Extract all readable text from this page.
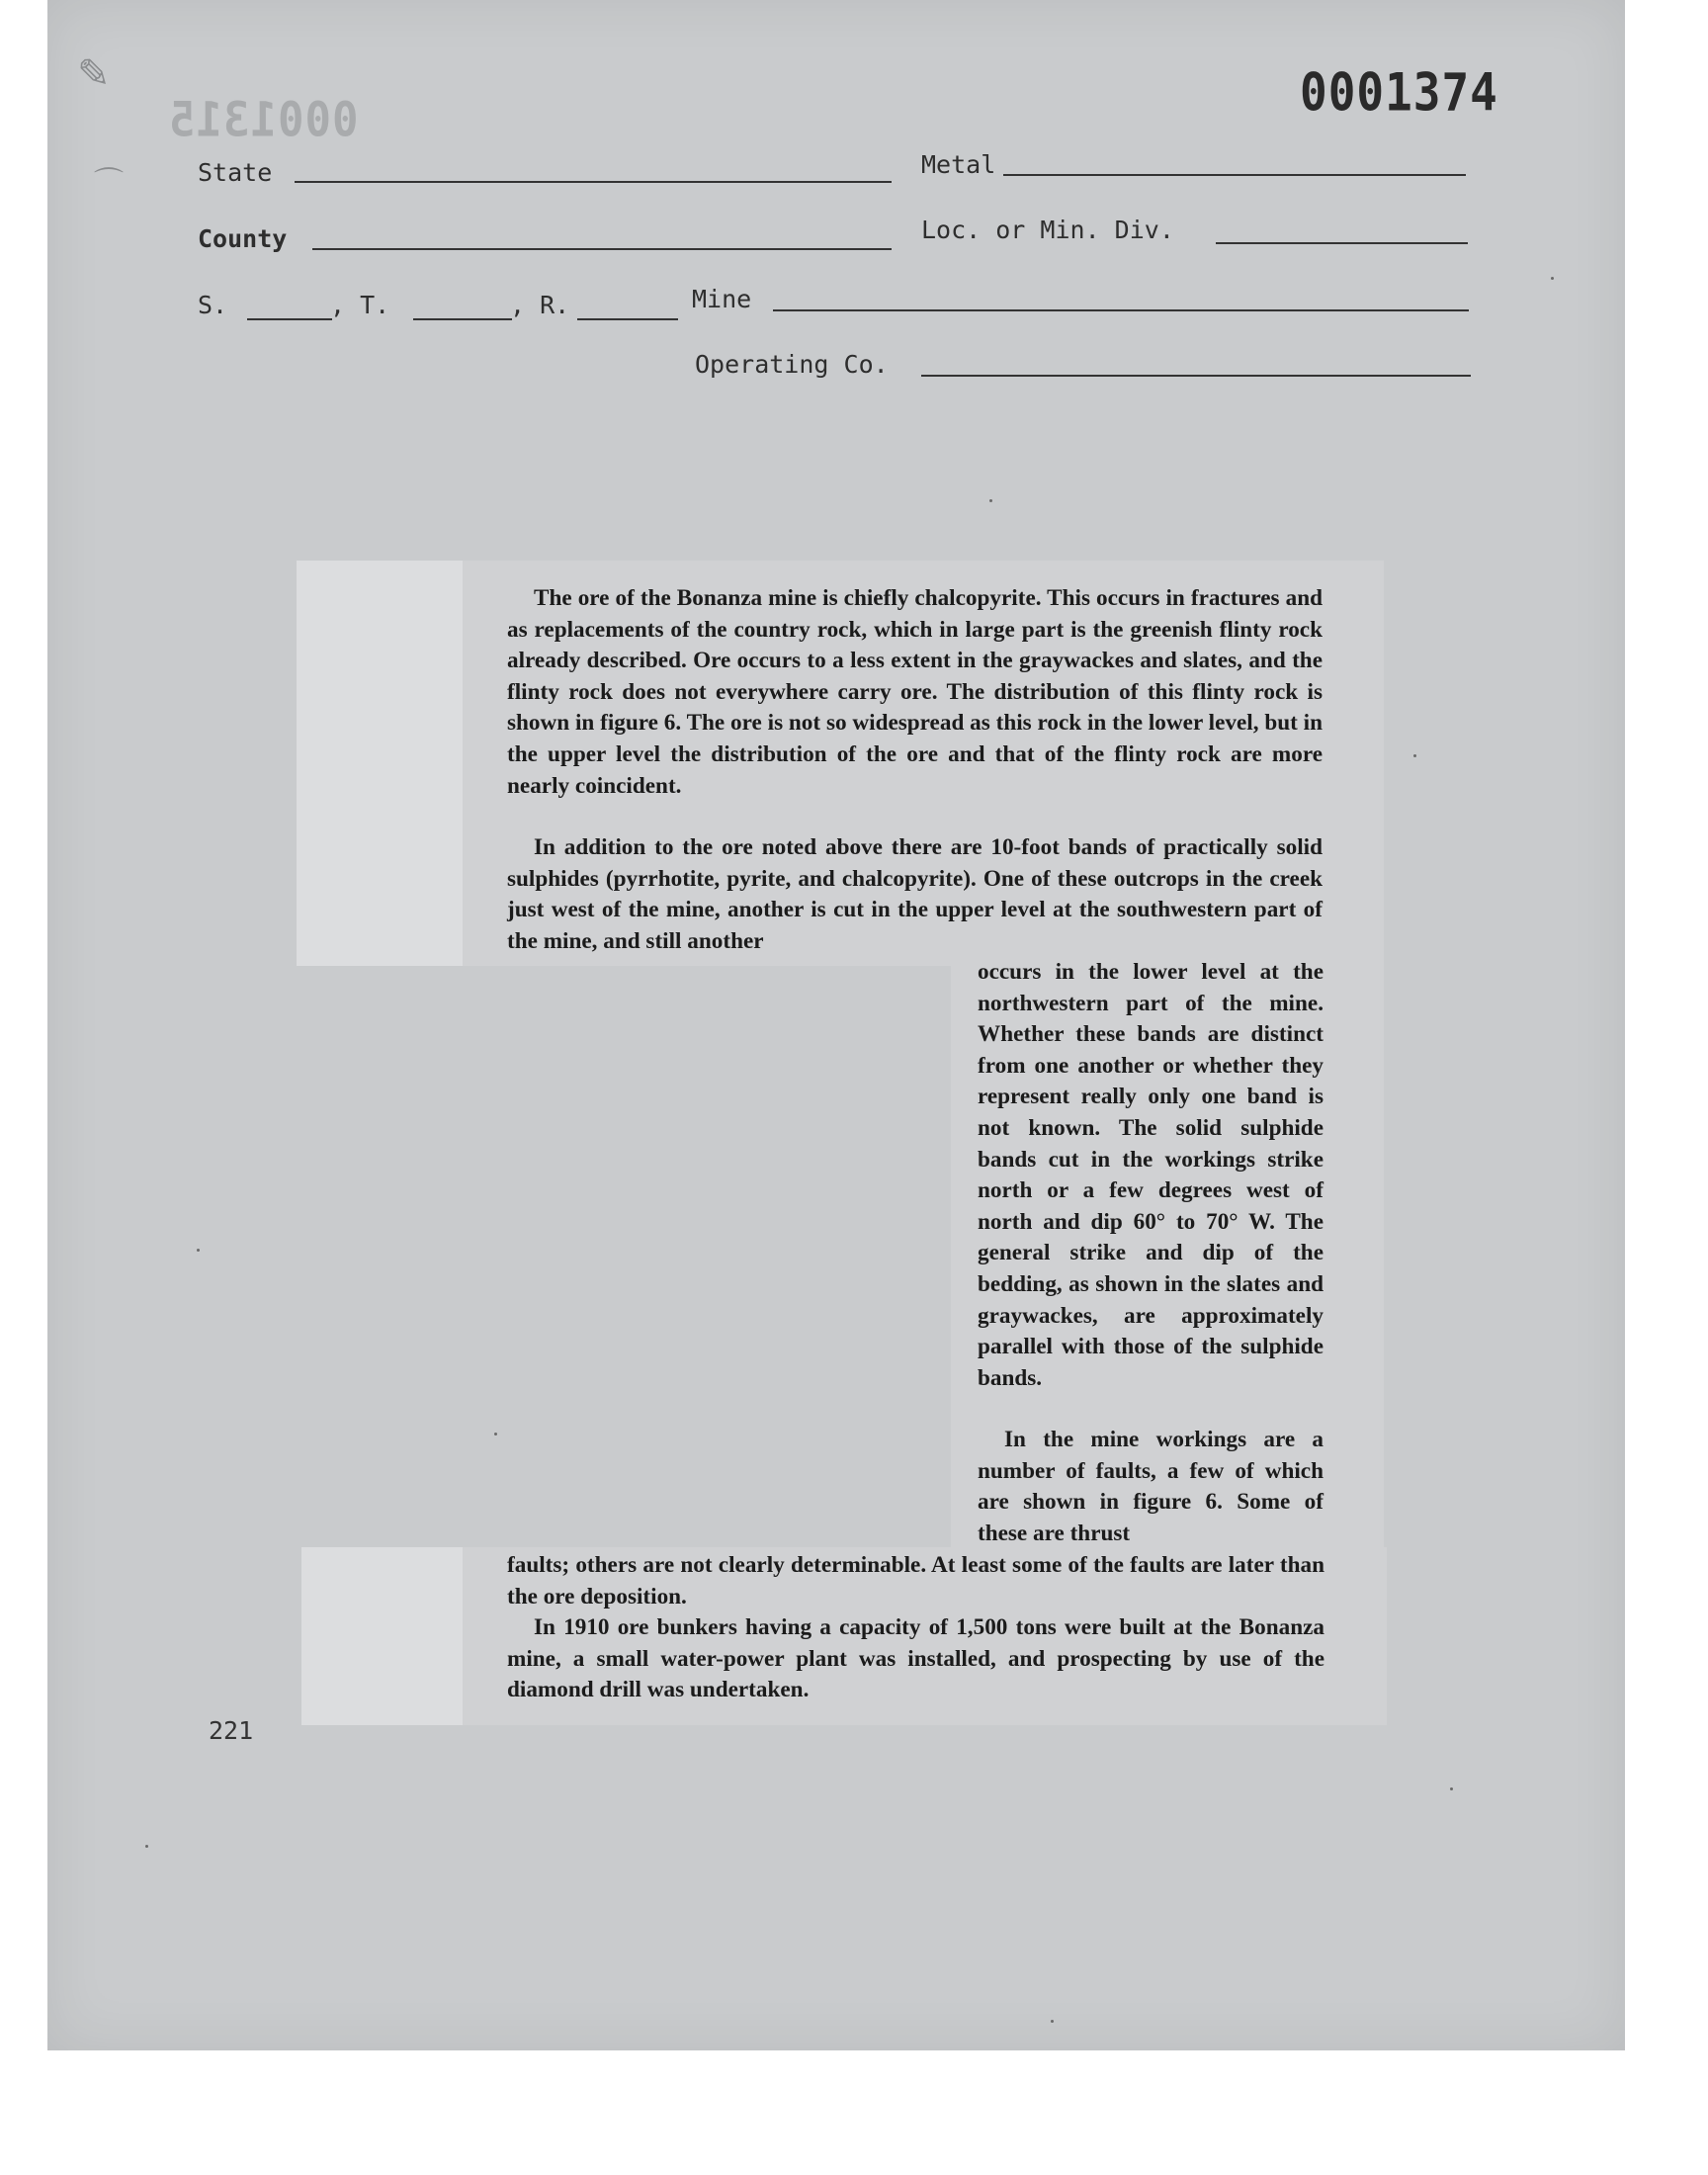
✎
⌒
0001315	0001374
State	Metal
County	Loc. or Min. Div.
S.	, T.	, R.	Mine
Operating Co.

The ore of the Bonanza mine is chiefly chalcopyrite. This occurs in fractures and as replacements of the country rock, which in large part is the greenish flinty rock already described. Ore occurs to a less extent in the graywackes and slates, and the flinty rock does not everywhere carry ore. The distribution of this flinty rock is shown in figure 6. The ore is not so widespread as this rock in the lower level, but in the upper level the distribution of the ore and that of the flinty rock are more nearly coincident.

In addition to the ore noted above there are 10-foot bands of practically solid sulphides (pyrrhotite, pyrite, and chalcopyrite). One of these outcrops in the creek just west of the mine, another is cut in the upper level at the southwestern part of the mine, and still another

occurs in the lower level at the northwestern part of the mine. Whether these bands are distinct from one another or whether they represent really only one band is not known. The solid sulphide bands cut in the workings strike north or a few degrees west of north and dip 60° to 70° W. The general strike and dip of the bedding, as shown in the slates and graywackes, are approximately parallel with those of the sulphide bands.

In the mine workings are a number of faults, a few of which are shown in figure 6. Some of these are thrust

faults; others are not clearly determinable. At least some of the faults are later than the ore deposition.

In 1910 ore bunkers having a capacity of 1,500 tons were built at the Bonanza mine, a small water-power plant was installed, and prospecting by use of the diamond drill was undertaken.

221
